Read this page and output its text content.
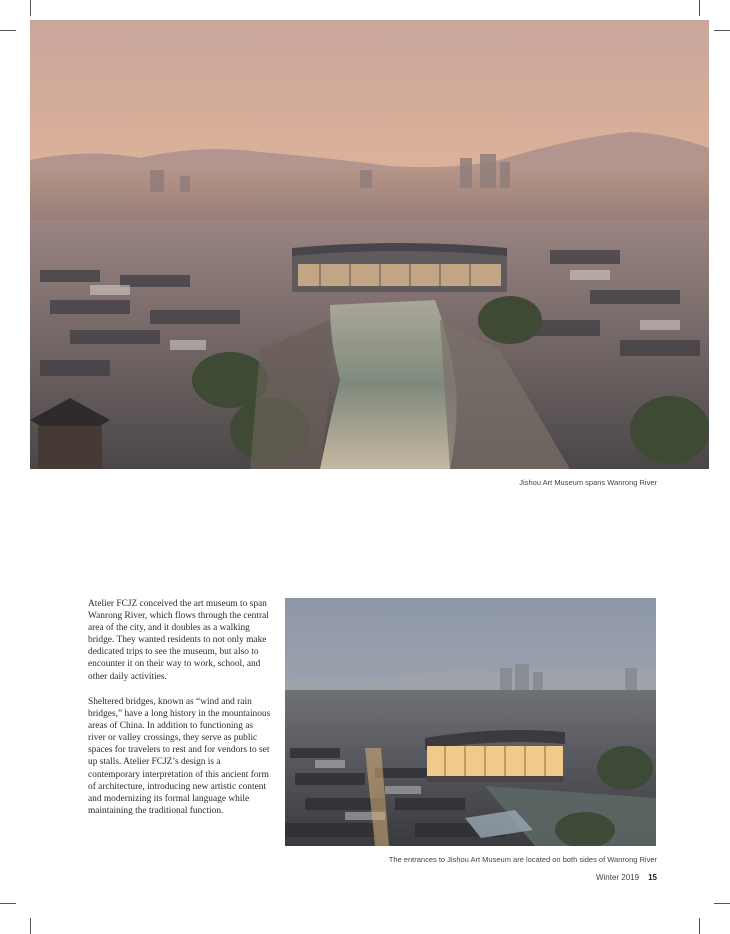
Jishou Art Museum spans Wanrong River

Atelier FCJZ conceived the art museum to span Wanrong River, which flows through the central area of the city, and it doubles as a walking bridge. They wanted residents to not only make dedicated trips to see the museum, but also to encounter it on their way to work, school, and other daily activities.

Sheltered bridges, known as “wind and rain bridges,” have a long history in the mountainous areas of China. In addition to functioning as river or valley crossings, they serve as public spaces for travelers to rest and for vendors to set up stalls. Atelier FCJZ’s design is a contemporary interpretation of this ancient form of architecture, introducing new artistic content and modernizing its formal language while maintaining the traditional function.

The entrances to Jishou Art Museum are located on both sides of Wanrong River
Winter 2019 15
